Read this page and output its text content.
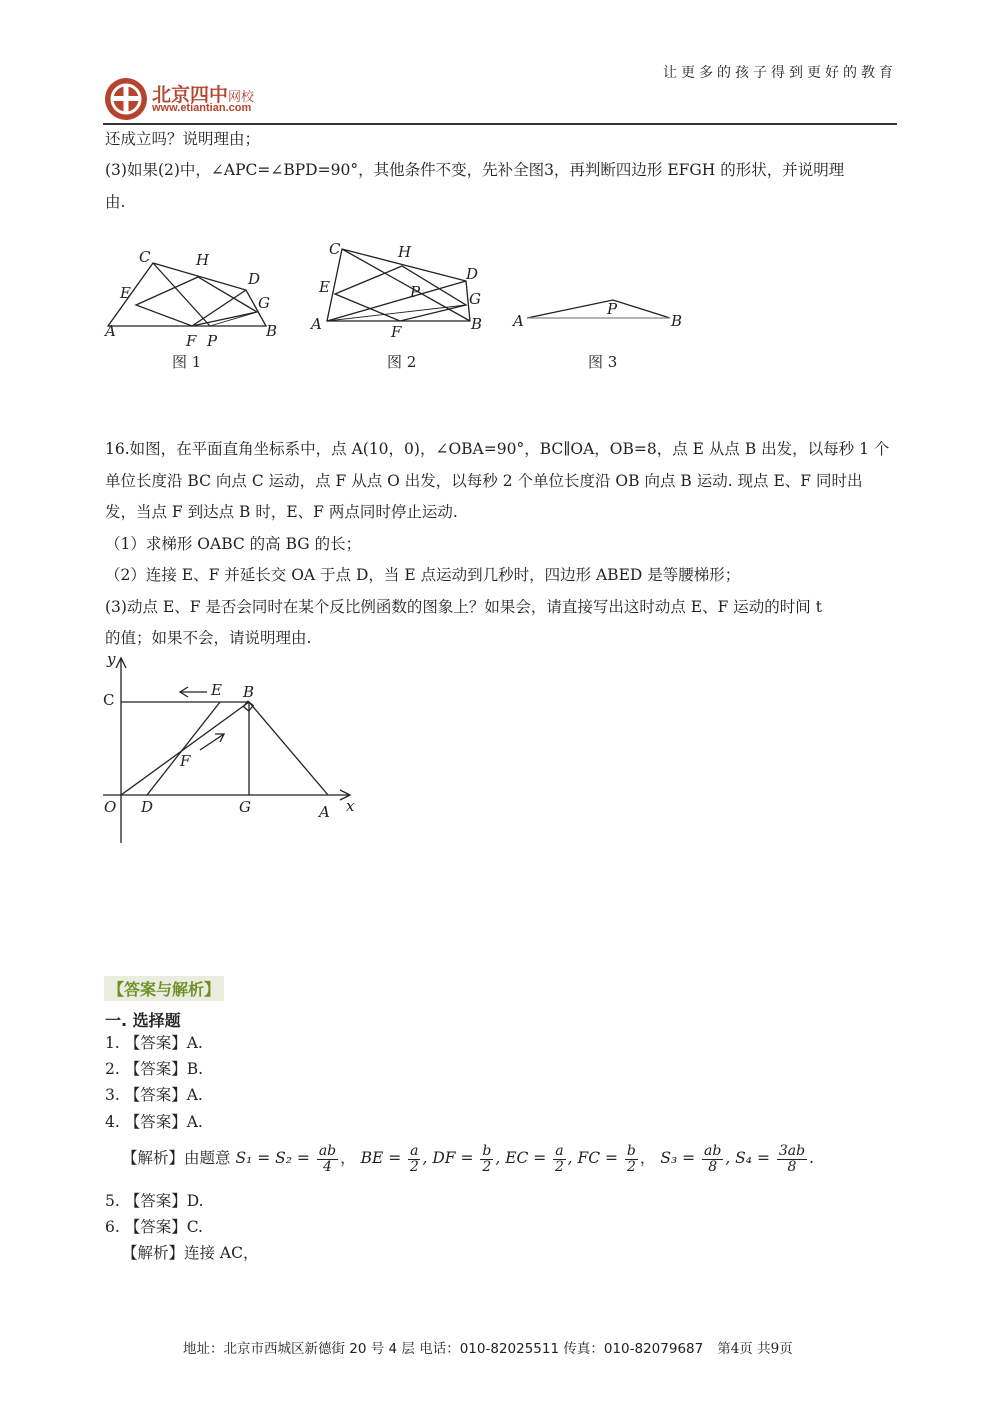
让更多的孩子得到更好的教育
北京四中网校
www.etiantian.com
还成立吗？说明理由；
(3)如果(2)中，∠APC=∠BPD=90°，其他条件不变，先补全图3，再判断四边形 EFGH 的形状，并说明理
由.
C	H
D
E
G
A
F P
B
图 1
C	H
D
E	P	G
A	F	B
图 2
A
P
B
图 3
16.如图，在平面直角坐标系中，点 A(10，0)，∠OBA=90°，BC∥OA，OB=8，点 E 从点 B 出发，以每秒 1 个
单位长度沿 BC 向点 C 运动，点 F 从点 O 出发，以每秒 2 个单位长度沿 OB 向点 B 运动. 现点 E、F 同时出
发，当点 F 到达点 B 时，E、F 两点同时停止运动.
（1）求梯形 OABC 的高 BG 的长；
（2）连接 E、F 并延长交 OA 于点 D，当 E 点运动到几秒时，四边形 ABED 是等腰梯形；
(3)动点 E、F 是否会同时在某个反比例函数的图象上？如果会，请直接写出这时动点 E、F 运动的时间 t
的值；如果不会，请说明理由.
y
C
E B
F
O D	G	A x
【答案与解析】
一. 选择题
1. 【答案】A.
2. 【答案】B.
3. 【答案】A.
4. 【答案】A.
【解析】由题意 $S_1 = S_2 = \frac{ab}{4}$ ， BE = $\frac{a}{2}$ , DF = $\frac{b}{2}$ , EC = $\frac{a}{2}$ , FC = $\frac{b}{2}$ ， $S_3 = \frac{ab}{8}$ , $S_4 = \frac{3ab}{8}$ .
5. 【答案】D.
6. 【答案】C.
【解析】连接 AC，
地址：北京市西城区新德街 20 号 4 层 电话：010-82025511 传真：010-82079687 第4页 共9页
